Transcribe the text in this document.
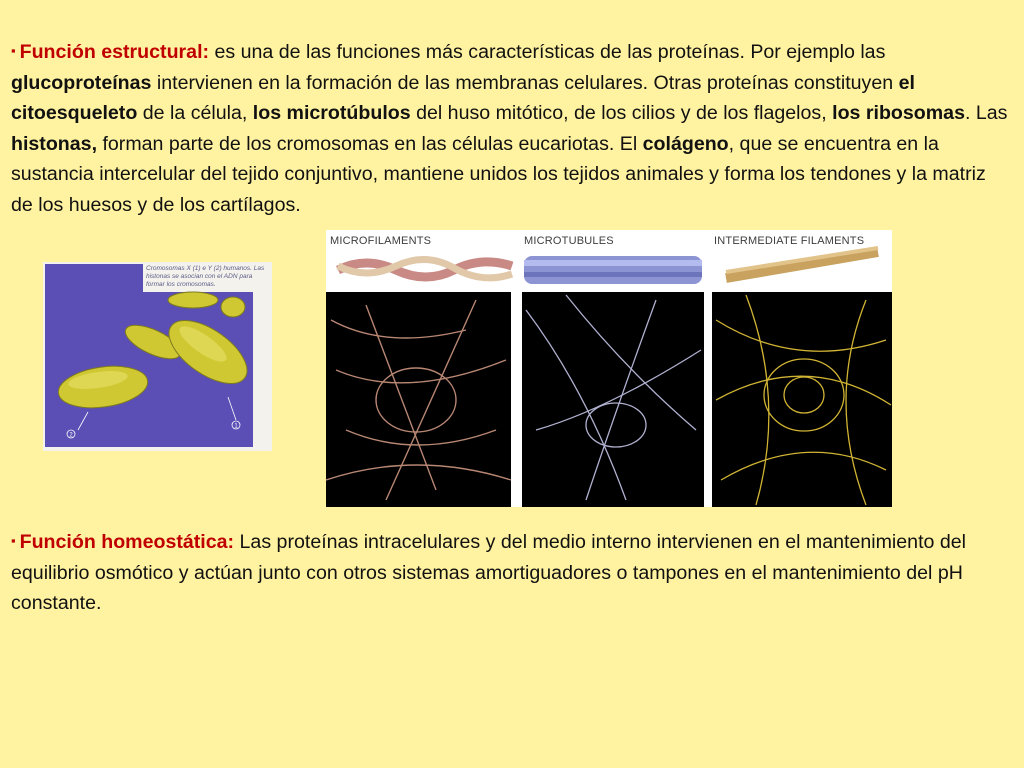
▪ Función estructural: es una de las funciones más características de las proteínas. Por ejemplo las glucoproteínas intervienen en la formación de las membranas celulares. Otras proteínas constituyen el citoesqueleto de la célula, los microtúbulos del huso mitótico, de los cilios y de los flagelos, los ribosomas. Las histonas, forman parte de los cromosomas en las células eucariotas. El colágeno, que se encuentra en la sustancia intercelular del tejido conjuntivo, mantiene unidos los tejidos animales y forma los tendones y la matriz de los huesos y de los cartílagos.

2
1
Cromosomas X (1) e Y (2) humanos. Las histonas se asocian con el ADN para formar los cromosomas.
MICROFILAMENTS	MICROTUBULES	INTERMEDIATE FILAMENTS

▪ Función homeostática: Las proteínas intracelulares y del medio interno intervienen en el mantenimiento del equilibrio osmótico y actúan junto con otros sistemas amortiguadores o tampones en el mantenimiento del pH constante.
